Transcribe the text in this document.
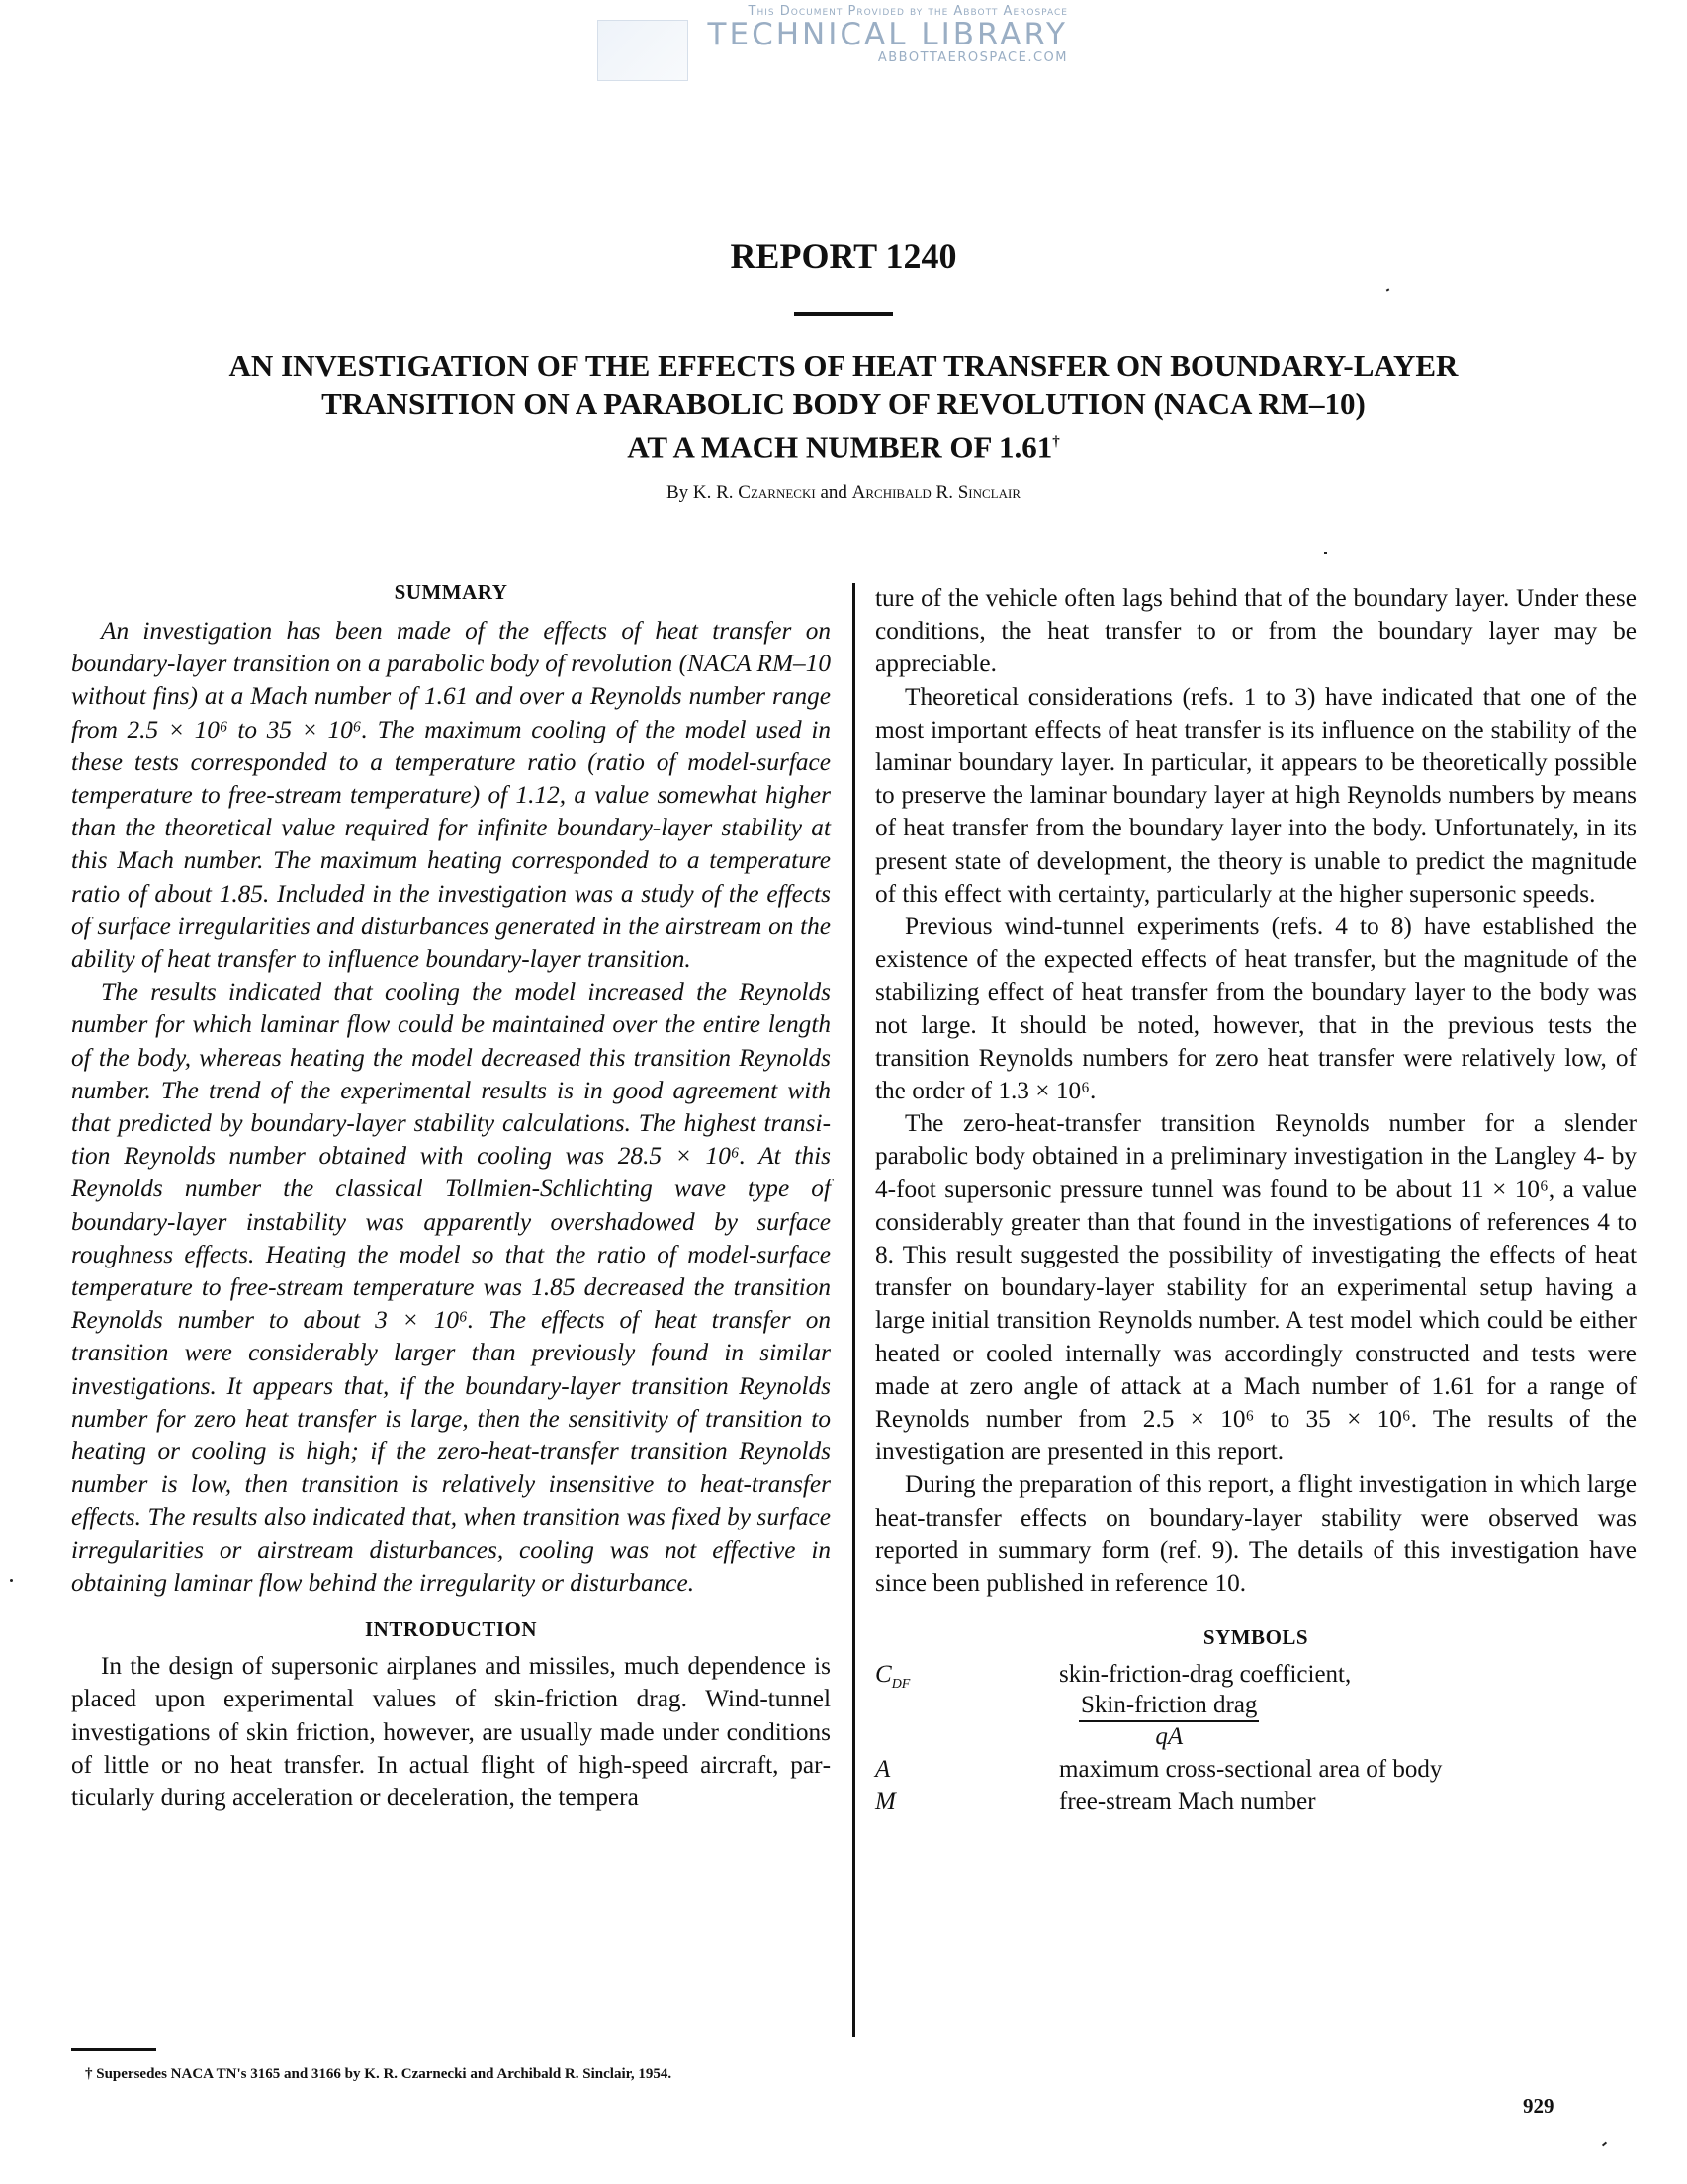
This Document Provided by the Abbott Aerospace
TECHNICAL LIBRARY
ABBOTTAEROSPACE.COM
REPORT 1240
AN INVESTIGATION OF THE EFFECTS OF HEAT TRANSFER ON BOUNDARY-LAYER
TRANSITION ON A PARABOLIC BODY OF REVOLUTION (NACA RM–10)
AT A MACH NUMBER OF 1.61†
By K. R. Czarnecki and Archibald R. Sinclair
SUMMARY

An investigation has been made of the effects of heat transfer on boundary-layer transition on a parabolic body of revolution (NACA RM–10 without fins) at a Mach number of 1.61 and over a Reynolds number range from 2.5 × 10⁶ to 35 × 10⁶. The maximum cooling of the model used in these tests corresponded to a temperature ratio (ratio of model-surface temperature to free-stream temperature) of 1.12, a value somewhat higher than the theoretical value required for infinite boundary-layer stability at this Mach number. The maximum heating corresponded to a temperature ratio of about 1.85. Included in the investigation was a study of the effects of surface irregularities and disturbances generated in the airstream on the ability of heat transfer to influence boundary-layer transition.

The results indicated that cooling the model increased the Reynolds number for which laminar flow could be maintained over the entire length of the body, whereas heating the model decreased this transition Reynolds number. The trend of the experimental results is in good agreement with that predicted by boundary-layer stability calculations. The highest transition Reynolds number obtained with cooling was 28.5 × 10⁶. At this Reynolds number the classical Tollmien-Schlichting wave type of boundary-layer instability was apparently overshadowed by surface roughness effects. Heating the model so that the ratio of model-surface temperature to free-stream temperature was 1.85 decreased the transition Reynolds number to about 3 × 10⁶. The effects of heat transfer on transition were considerably larger than previously found in similar investigations. It appears that, if the boundary-layer transition Reynolds number for zero heat transfer is large, then the sensitivity of transition to heating or cooling is high; if the zero-heat-transfer transition Reynolds number is low, then transition is relatively insensitive to heat-transfer effects. The results also indicated that, when transition was fixed by surface irregularities or airstream disturbances, cooling was not effective in obtaining laminar flow behind the irregularity or disturbance.

INTRODUCTION

In the design of supersonic airplanes and missiles, much dependence is placed upon experimental values of skin-friction drag. Wind-tunnel investigations of skin friction, however, are usually made under conditions of little or no heat transfer. In actual flight of high-speed aircraft, particularly during acceleration or deceleration, the tempera

ture of the vehicle often lags behind that of the boundary layer. Under these conditions, the heat transfer to or from the boundary layer may be appreciable.

Theoretical considerations (refs. 1 to 3) have indicated that one of the most important effects of heat transfer is its influence on the stability of the laminar boundary layer. In particular, it appears to be theoretically possible to preserve the laminar boundary layer at high Reynolds numbers by means of heat transfer from the boundary layer into the body. Unfortunately, in its present state of development, the theory is unable to predict the magnitude of this effect with certainty, particularly at the higher supersonic speeds.

Previous wind-tunnel experiments (refs. 4 to 8) have established the existence of the expected effects of heat transfer, but the magnitude of the stabilizing effect of heat transfer from the boundary layer to the body was not large. It should be noted, however, that in the previous tests the transition Reynolds numbers for zero heat transfer were relatively low, of the order of 1.3 × 10⁶.

The zero-heat-transfer transition Reynolds number for a slender parabolic body obtained in a preliminary investigation in the Langley 4- by 4-foot supersonic pressure tunnel was found to be about 11 × 10⁶, a value considerably greater than that found in the investigations of references 4 to 8. This result suggested the possibility of investigating the effects of heat transfer on boundary-layer stability for an experimental setup having a large initial transition Reynolds number. A test model which could be either heated or cooled internally was accordingly constructed and tests were made at zero angle of attack at a Mach number of 1.61 for a range of Reynolds number from 2.5 × 10⁶ to 35 × 10⁶. The results of the investigation are presented in this report.

During the preparation of this report, a flight investigation in which large heat-transfer effects on boundary-layer stability were observed was reported in summary form (ref. 9). The details of this investigation have since been published in reference 10.

SYMBOLS
$C_{DF}$	skin-friction-drag coefficient,
$\frac{\text{Skin-friction drag}}{qA}$
A	maximum cross-sectional area of body
M	free-stream Mach number
† Supersedes NACA TN's 3165 and 3166 by K. R. Czarnecki and Archibald R. Sinclair, 1954.
929
